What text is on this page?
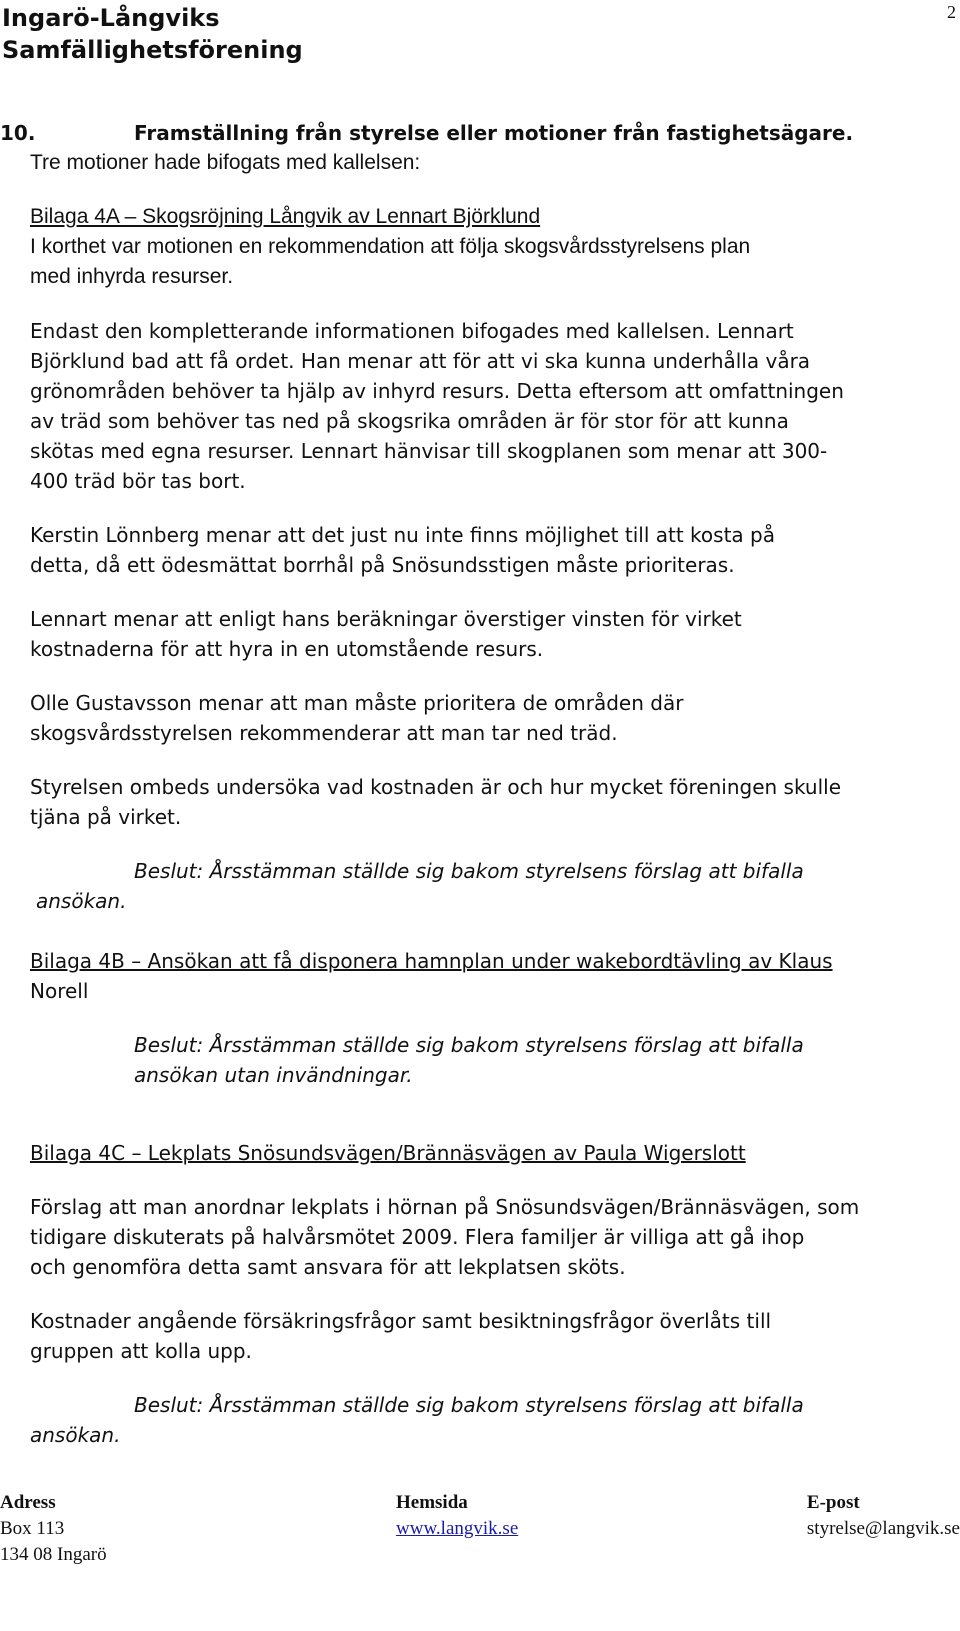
Ingarö-Långviks
Samfällighetsförening
2
10.	Framställning från styrelse eller motioner från fastighetsägare.
Tre motioner hade bifogats med kallelsen:
Bilaga 4A – Skogsröjning Långvik av Lennart Björklund
I korthet var motionen en rekommendation att följa skogsvårdsstyrelsens plan
med inhyrda resurser.
Endast den kompletterande informationen bifogades med kallelsen. Lennart
Björklund bad att få ordet. Han menar att för att vi ska kunna underhålla våra
grönområden behöver ta hjälp av inhyrd resurs. Detta eftersom att omfattningen
av träd som behöver tas ned på skogsrika områden är för stor för att kunna
skötas med egna resurser. Lennart hänvisar till skogplanen som menar att 300-
400 träd bör tas bort.
Kerstin Lönnberg menar att det just nu inte finns möjlighet till att kosta på
detta, då ett ödesmättat borrhål på Snösundsstigen måste prioriteras.
Lennart menar att enligt hans beräkningar överstiger vinsten för virket
kostnaderna för att hyra in en utomstående resurs.
Olle Gustavsson menar att man måste prioritera de områden där
skogsvårdsstyrelsen rekommenderar att man tar ned träd.
Styrelsen ombeds undersöka vad kostnaden är och hur mycket föreningen skulle
tjäna på virket.
Beslut: Årsstämman ställde sig bakom styrelsens förslag att bifalla
ansökan.
Bilaga 4B – Ansökan att få disponera hamnplan under wakebordtävling av Klaus
Norell
Beslut: Årsstämman ställde sig bakom styrelsens förslag att bifalla
ansökan utan invändningar.
Bilaga 4C – Lekplats Snösundsvägen/Brännäsvägen av Paula Wigerslott
Förslag att man anordnar lekplats i hörnan på Snösundsvägen/Brännäsvägen, som
tidigare diskuterats på halvårsmötet 2009. Flera familjer är villiga att gå ihop
och genomföra detta samt ansvara för att lekplatsen sköts.
Kostnader angående försäkringsfrågor samt besiktningsfrågor överlåts till
gruppen att kolla upp.
Beslut: Årsstämman ställde sig bakom styrelsens förslag att bifalla
ansökan.
Adress
Box 113
134 08 Ingarö
Hemsida
www.langvik.se
E-post
styrelse@langvik.se
